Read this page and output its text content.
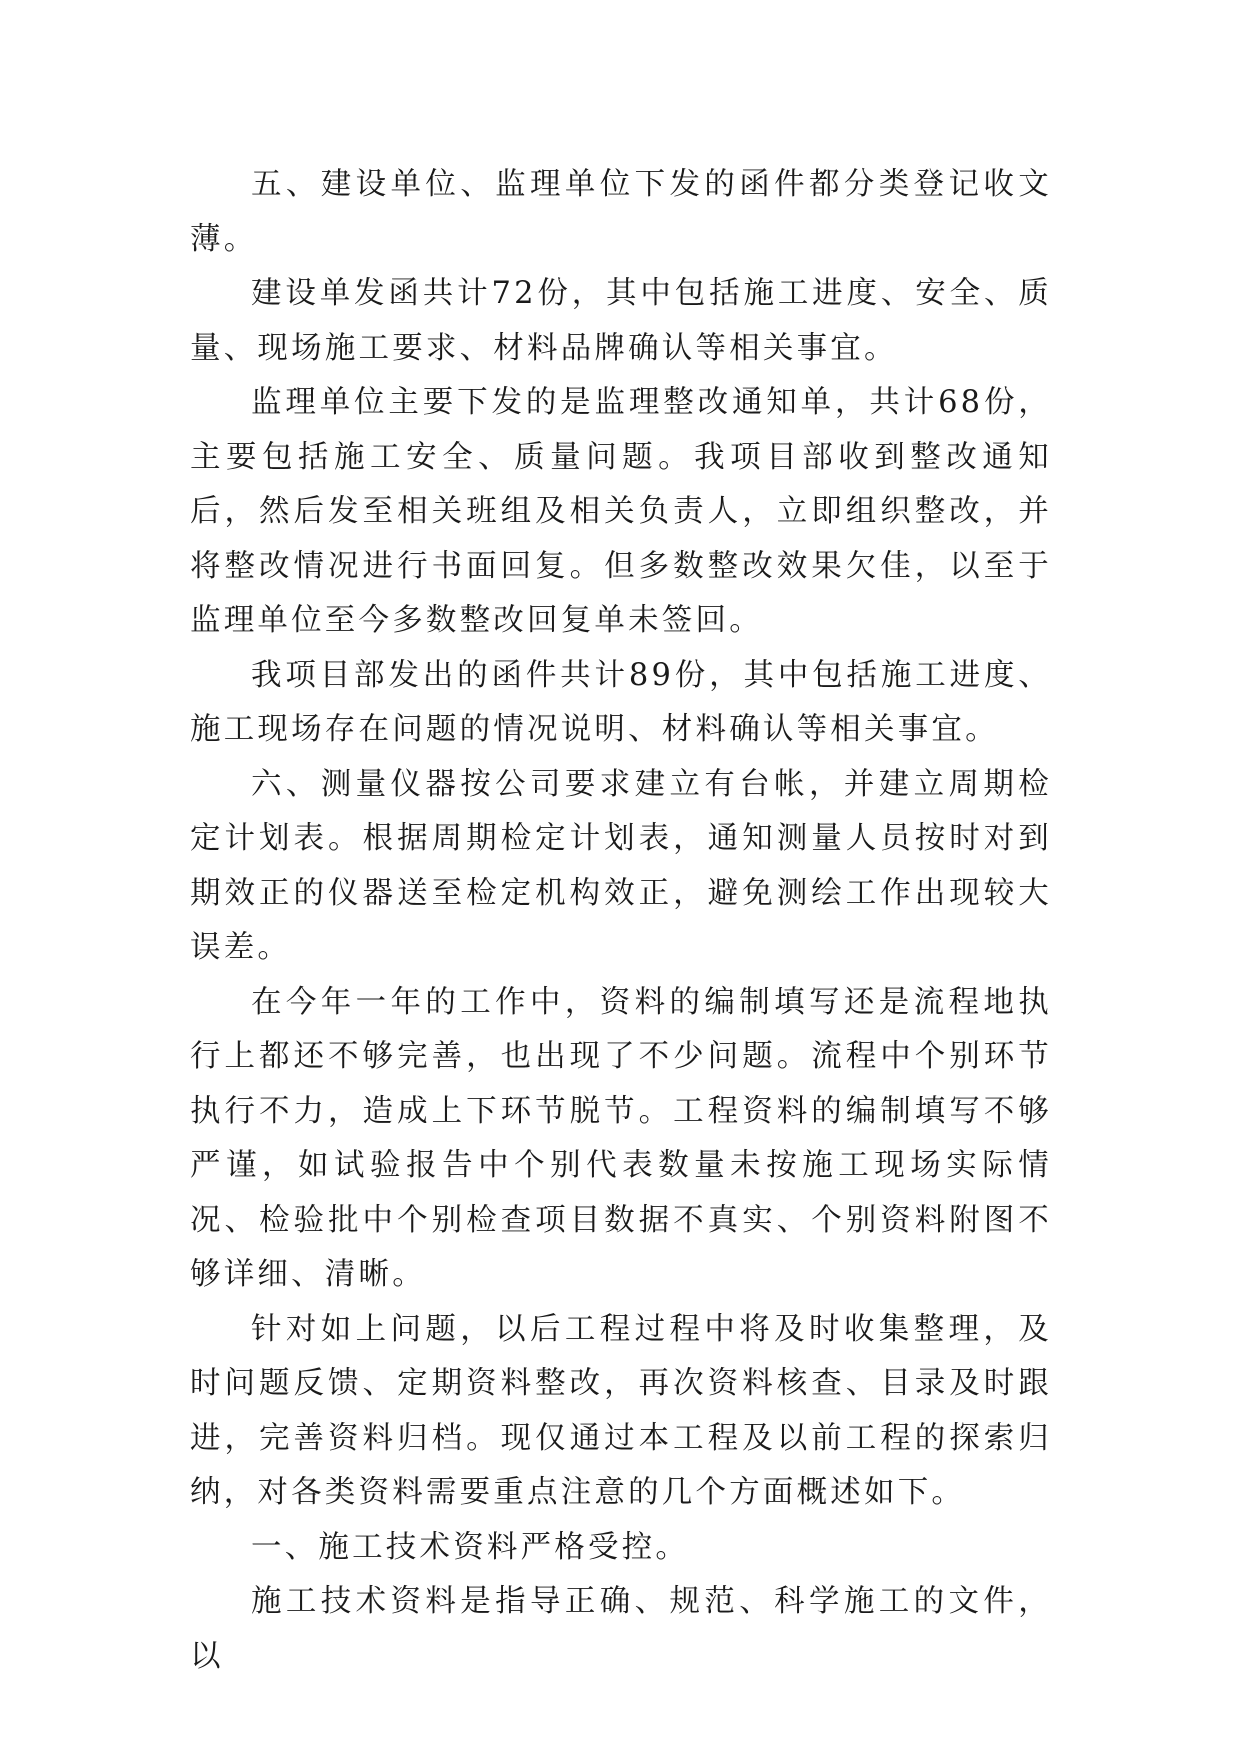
五、建设单位、监理单位下发的函件都分类登记收文薄。

建设单发函共计72份，其中包括施工进度、安全、质量、现场施工要求、材料品牌确认等相关事宜。

监理单位主要下发的是监理整改通知单，共计68份，主要包括施工安全、质量问题。我项目部收到整改通知后，然后发至相关班组及相关负责人，立即组织整改，并将整改情况进行书面回复。但多数整改效果欠佳，以至于监理单位至今多数整改回复单未签回。

我项目部发出的函件共计89份，其中包括施工进度、施工现场存在问题的情况说明、材料确认等相关事宜。

六、测量仪器按公司要求建立有台帐，并建立周期检定计划表。根据周期检定计划表，通知测量人员按时对到期效正的仪器送至检定机构效正，避免测绘工作出现较大误差。

在今年一年的工作中，资料的编制填写还是流程地执行上都还不够完善，也出现了不少问题。流程中个别环节执行不力，造成上下环节脱节。工程资料的编制填写不够严谨，如试验报告中个别代表数量未按施工现场实际情况、检验批中个别检查项目数据不真实、个别资料附图不够详细、清晰。

针对如上问题，以后工程过程中将及时收集整理，及时问题反馈、定期资料整改，再次资料核查、目录及时跟进，完善资料归档。现仅通过本工程及以前工程的探索归纳，对各类资料需要重点注意的几个方面概述如下。

一、施工技术资料严格受控。

施工技术资料是指导正确、规范、科学施工的文件，以
